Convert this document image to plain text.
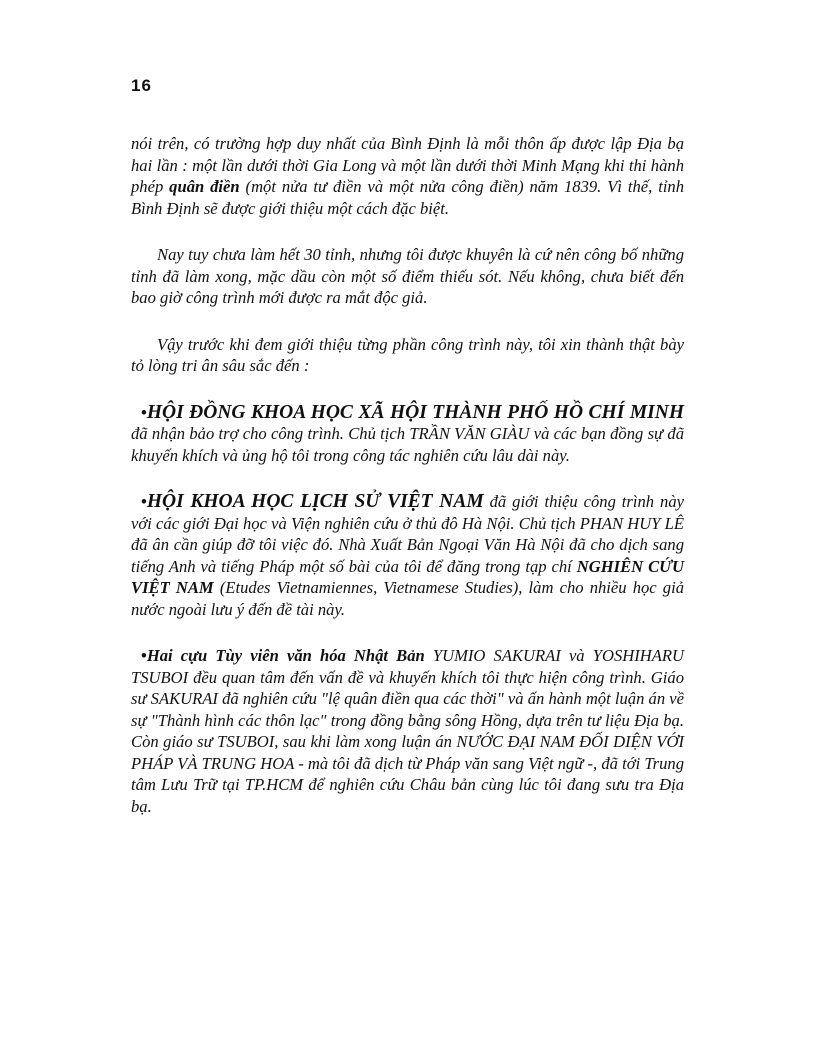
16

nói trên, có trường hợp duy nhất của Bình Định là mỗi thôn ấp được lập Địa bạ hai lần : một lần dưới thời Gia Long và một lần dưới thời Minh Mạng khi thi hành phép quân điền (một nửa tư điền và một nửa công điền) năm 1839. Vì thế, tỉnh Bình Định sẽ được giới thiệu một cách đặc biệt.

Nay tuy chưa làm hết 30 tỉnh, nhưng tôi được khuyên là cứ nên công bố những tỉnh đã làm xong, mặc dầu còn một số điểm thiếu sót. Nếu không, chưa biết đến bao giờ công trình mới được ra mắt độc giả.

Vậy trước khi đem giới thiệu từng phần công trình này, tôi xin thành thật bày tỏ lòng tri ân sâu sắc đến :

•HỘI ĐỒNG KHOA HỌC XÃ HỘI THÀNH PHỐ HỒ CHÍ MINH đã nhận bảo trợ cho công trình. Chủ tịch TRẦN VĂN GIÀU và các bạn đồng sự đã khuyến khích và ủng hộ tôi trong công tác nghiên cứu lâu dài này.

•HỘI KHOA HỌC LỊCH SỬ VIỆT NAM đã giới thiệu công trình này với các giới Đại học và Viện nghiên cứu ở thủ đô Hà Nội. Chủ tịch PHAN HUY LÊ đã ân cần giúp đỡ tôi việc đó. Nhà Xuất Bản Ngoại Văn Hà Nội đã cho dịch sang tiếng Anh và tiếng Pháp một số bài của tôi để đăng trong tạp chí NGHIÊN CỨU VIỆT NAM (Etudes Vietnamiennes, Vietnamese Studies), làm cho nhiều học giả nước ngoài lưu ý đến đề tài này.

•Hai cựu Tùy viên văn hóa Nhật Bản YUMIO SAKURAI và YOSHIHARU TSUBOI đều quan tâm đến vấn đề và khuyến khích tôi thực hiện công trình. Giáo sư SAKURAI đã nghiên cứu "lệ quân điền qua các thời" và ấn hành một luận án về sự "Thành hình các thôn lạc" trong đồng bằng sông Hồng, dựa trên tư liệu Địa bạ. Còn giáo sư TSUBOI, sau khi làm xong luận án NƯỚC ĐẠI NAM ĐỐI DIỆN VỚI PHÁP VÀ TRUNG HOA - mà tôi đã dịch từ Pháp văn sang Việt ngữ -, đã tới Trung tâm Lưu Trữ tại TP.HCM để nghiên cứu Châu bản cùng lúc tôi đang sưu tra Địa bạ.
